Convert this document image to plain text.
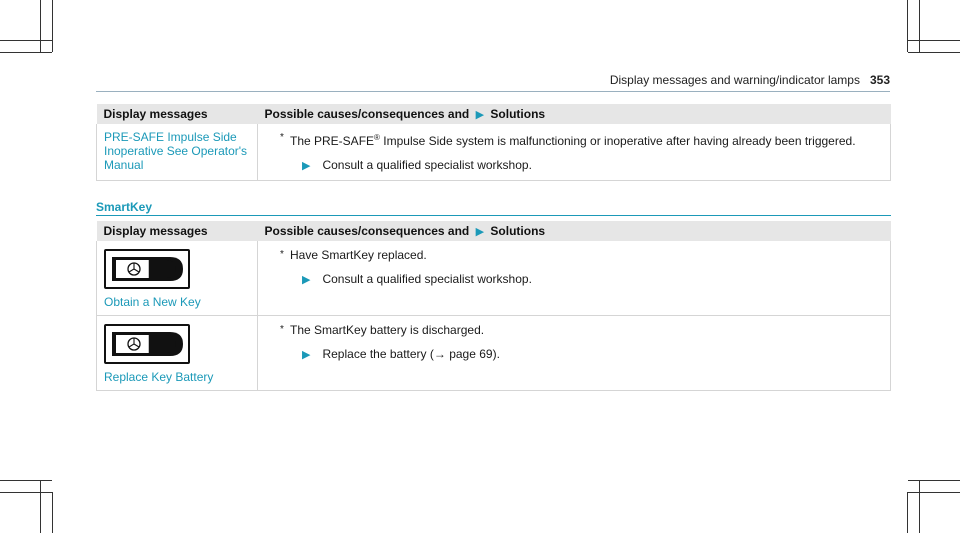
Display messages and warning/indicator lamps 353
Display messages	Possible causes/consequences and ▶ Solutions

PRE-SAFE Impulse Side Inoperative See Operator's Manual	* The PRE-SAFE® Impulse Side system is malfunctioning or inoperative after having already been triggered.
▶ Consult a qualified specialist workshop.
SmartKey
Display messages	Possible causes/consequences and ▶ Solutions

Obtain a New Key	* Have SmartKey replaced.
▶ Consult a qualified specialist workshop.

Replace Key Battery	* The SmartKey battery is discharged.
▶ Replace the battery (→ page 69).
